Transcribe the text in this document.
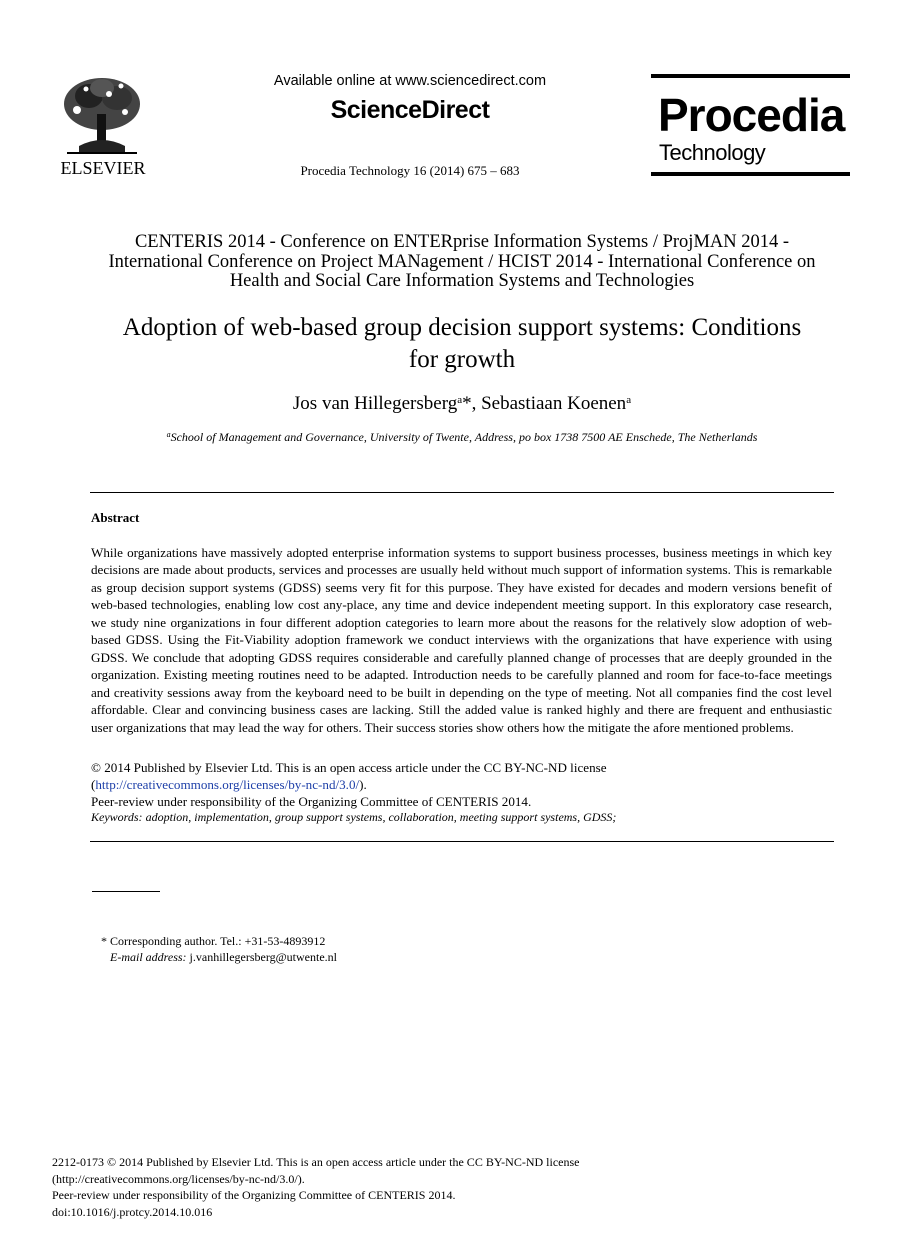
ELSEVIER
Available online at www.sciencedirect.com
ScienceDirect
Procedia Technology 16 (2014) 675 – 683
Procedia
Technology
CENTERIS 2014 - Conference on ENTERprise Information Systems / ProjMAN 2014 -
International Conference on Project MANagement / HCIST 2014 - International Conference on
Health and Social Care Information Systems and Technologies
Adoption of web-based group decision support systems: Conditions
for growth
Jos van Hillegersberg$^a$*, Sebastiaan Koenen$^a$
$^a$School of Management and Governance, University of Twente, Address, po box 1738 7500 AE Enschede, The Netherlands
Abstract
While organizations have massively adopted enterprise information systems to support business processes, business meetings in which key decisions are made about products, services and processes are usually held without much support of information systems. This is remarkable as group decision support systems (GDSS) seems very fit for this purpose. They have existed for decades and modern versions benefit of web-based technologies, enabling low cost any-place, any time and device independent meeting support. In this exploratory case research, we study nine organizations in four different adoption categories to learn more about the reasons for the relatively slow adoption of web-based GDSS. Using the Fit-Viability adoption framework we conduct interviews with the organizations that have experience with using GDSS. We conclude that adopting GDSS requires considerable and carefully planned change of processes that are deeply grounded in the organization. Existing meeting routines need to be adapted. Introduction needs to be carefully planned and room for face-to-face meetings and creativity sessions away from the keyboard need to be built in depending on the type of meeting. Not all companies find the cost level affordable. Clear and convincing business cases are lacking. Still the added value is ranked highly and there are frequent and enthusiastic user organizations that may lead the way for others. Their success stories show others how the mitigate the afore mentioned problems.
© 2014 Published by Elsevier Ltd. This is an open access article under the CC BY-NC-ND license
(http://creativecommons.org/licenses/by-nc-nd/3.0/).
Peer-review under responsibility of the Organizing Committee of CENTERIS 2014.
Keywords: adoption, implementation, group support systems, collaboration, meeting support systems, GDSS;
* Corresponding author. Tel.: +31-53-4893912
E-mail address: j.vanhillegersberg@utwente.nl
2212-0173 © 2014 Published by Elsevier Ltd. This is an open access article under the CC BY-NC-ND license
(http://creativecommons.org/licenses/by-nc-nd/3.0/).
Peer-review under responsibility of the Organizing Committee of CENTERIS 2014.
doi:10.1016/j.protcy.2014.10.016
